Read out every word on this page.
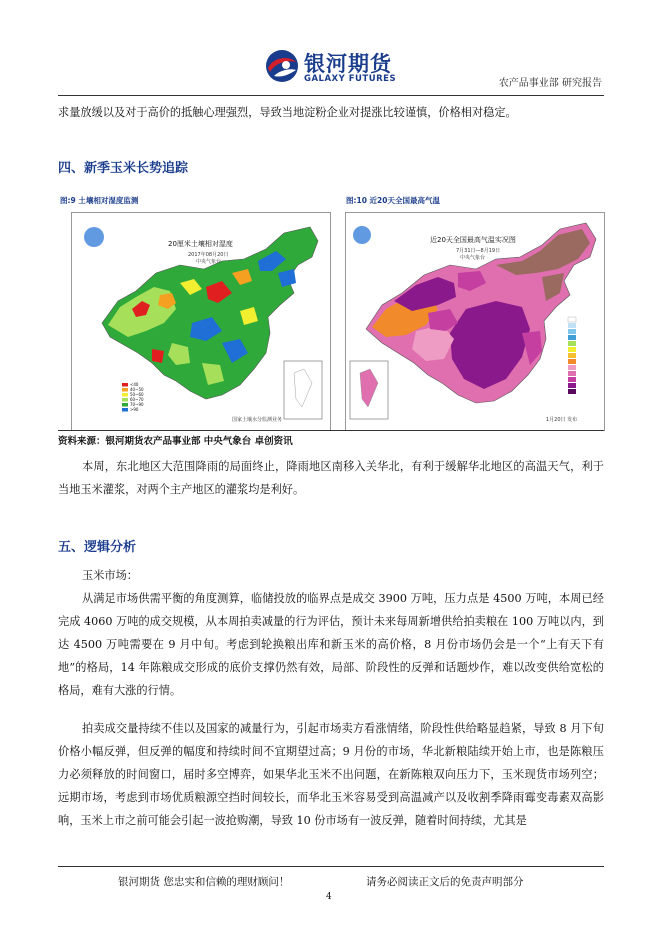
银河期货
GALAXY FUTURES	农产品事业部 研究报告

求量放缓以及对于高价的抵触心理强烈，导致当地淀粉企业对提涨比较谨慎，价格相对稳定。

四、新季玉米长势追踪
图:9 土壤相对湿度监测	图:10 近20天全国最高气温
20厘米土壤相对湿度
2017年08月20日
中央气象台
国家土壤水分监测业务
<40
40~50
50~60
60~70
70~90
>90
近20天全国最高气温实况图
7月31日—8月19日
中央气象台
1月20日 发布
资料来源：银河期货农产品事业部 中央气象台 卓创资讯

本周，东北地区大范围降雨的局面终止，降雨地区南移入关华北，有利于缓解华北地区的高温天气，利于当地玉米灌浆，对两个主产地区的灌浆均是利好。

五、逻辑分析

玉米市场：

从满足市场供需平衡的角度测算，临储投放的临界点是成交 3900 万吨，压力点是 4500 万吨，本周已经完成 4060 万吨的成交规模，从本周拍卖减量的行为评估，预计未来每周新增供给拍卖粮在 100 万吨以内，到达 4500 万吨需要在 9 月中旬。考虑到轮换粮出库和新玉米的高价格，8 月份市场仍会是一个“上有天下有地”的格局，14 年陈粮成交形成的底价支撑仍然有效，局部、阶段性的反弹和话题炒作，难以改变供给宽松的格局，难有大涨的行情。

拍卖成交量持续不佳以及国家的减量行为，引起市场卖方看涨情绪，阶段性供给略显趋紧，导致 8 月下旬价格小幅反弹，但反弹的幅度和持续时间不宜期望过高；9 月份的市场，华北新粮陆续开始上市，也是陈粮压力必须释放的时间窗口，届时多空博弈，如果华北玉米不出问题，在新陈粮双向压力下，玉米现货市场列空；远期市场，考虑到市场优质粮源空挡时间较长，而华北玉米容易受到高温减产以及收割季降雨霉变毒素双高影响，玉米上市之前可能会引起一波抢购潮，导致 10 份市场有一波反弹，随着时间持续，尤其是

银河期货 您忠实和信赖的理财顾问！	请务必阅读正文后的免责声明部分
4
